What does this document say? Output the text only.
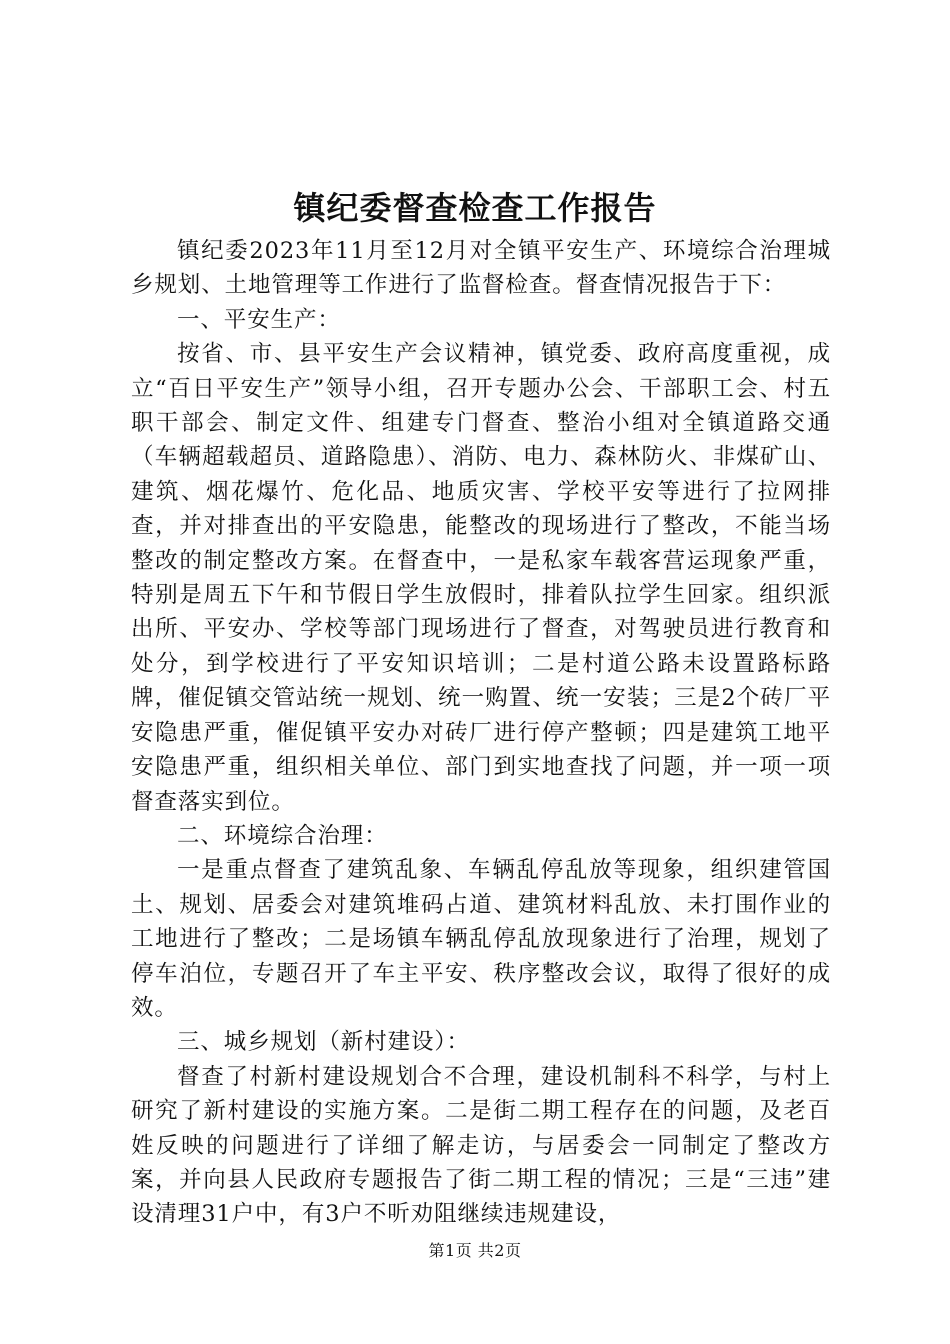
镇纪委督查检查工作报告

镇纪委2023年11月至12月对全镇平安生产、环境综合治理城乡规划、土地管理等工作进行了监督检查。督查情况报告于下：

一、平安生产：

按省、市、县平安生产会议精神，镇党委、政府高度重视，成立“百日平安生产”领导小组，召开专题办公会、干部职工会、村五职干部会、制定文件、组建专门督查、整治小组对全镇道路交通（车辆超载超员、道路隐患）、消防、电力、森林防火、非煤矿山、建筑、烟花爆竹、危化品、地质灾害、学校平安等进行了拉网排查，并对排查出的平安隐患，能整改的现场进行了整改，不能当场整改的制定整改方案。在督查中，一是私家车载客营运现象严重，特别是周五下午和节假日学生放假时，排着队拉学生回家。组织派出所、平安办、学校等部门现场进行了督查，对驾驶员进行教育和处分，到学校进行了平安知识培训；二是村道公路未设置路标路牌，催促镇交管站统一规划、统一购置、统一安装；三是2个砖厂平安隐患严重，催促镇平安办对砖厂进行停产整顿；四是建筑工地平安隐患严重，组织相关单位、部门到实地查找了问题，并一项一项督查落实到位。

二、环境综合治理：

一是重点督查了建筑乱象、车辆乱停乱放等现象，组织建管国土、规划、居委会对建筑堆码占道、建筑材料乱放、未打围作业的工地进行了整改；二是场镇车辆乱停乱放现象进行了治理，规划了停车泊位，专题召开了车主平安、秩序整改会议，取得了很好的成效。

三、城乡规划（新村建设）：

督查了村新村建设规划合不合理，建设机制科不科学，与村上研究了新村建设的实施方案。二是街二期工程存在的问题，及老百姓反映的问题进行了详细了解走访，与居委会一同制定了整改方案，并向县人民政府专题报告了街二期工程的情况；三是“三违”建设清理31户中，有3户不听劝阻继续违规建设，

第1页 共2页
